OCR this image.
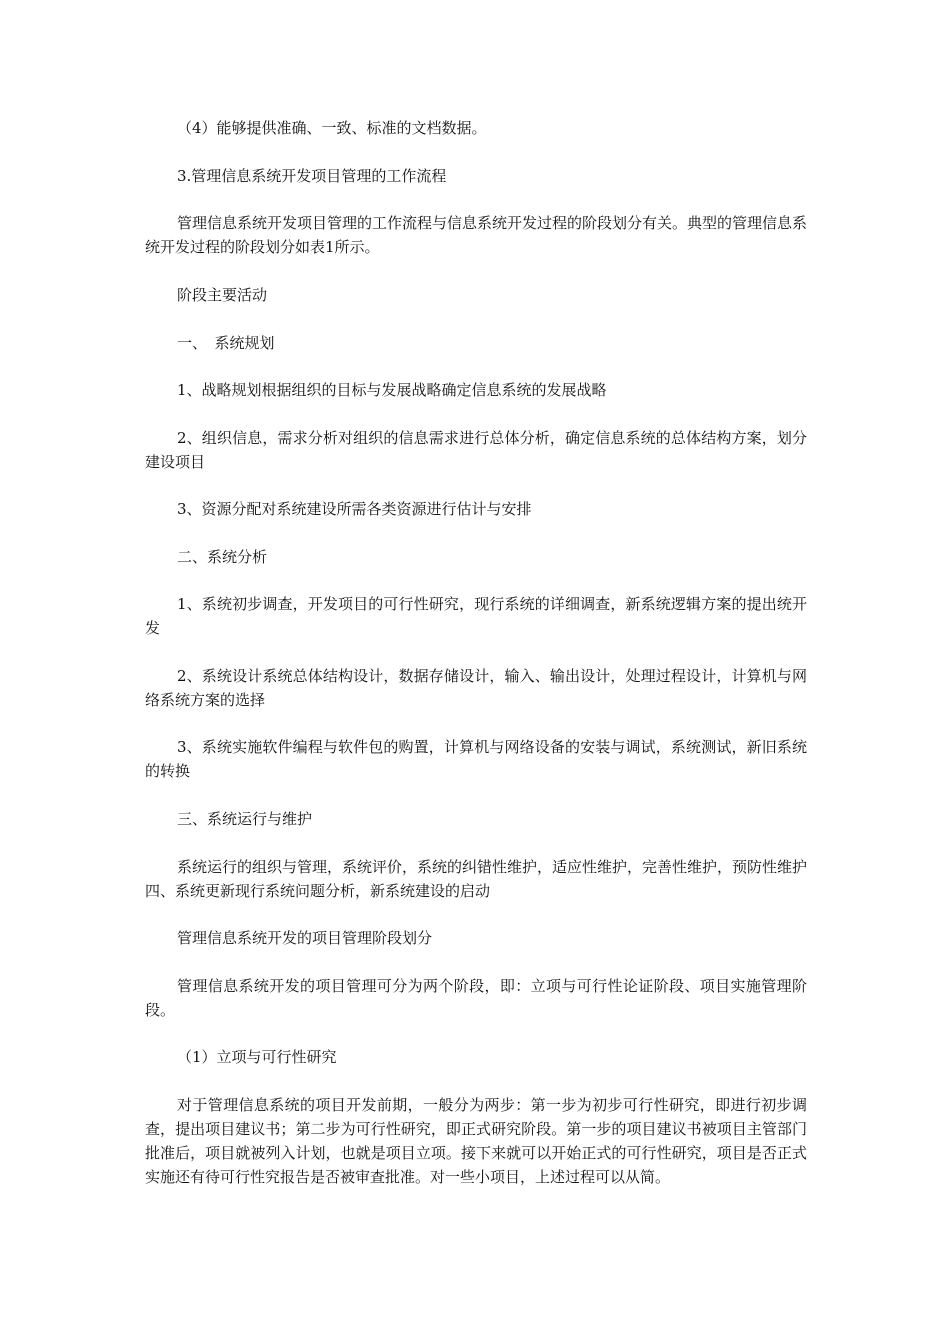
（4）能够提供准确、一致、标准的文档数据。

3.管理信息系统开发项目管理的工作流程

管理信息系统开发项目管理的工作流程与信息系统开发过程的阶段划分有关。典型的管理信息系统开发过程的阶段划分如表1所示。

阶段主要活动

一、　系统规划

1、战略规划根据组织的目标与发展战略确定信息系统的发展战略

2、组织信息，需求分析对组织的信息需求进行总体分析，确定信息系统的总体结构方案，划分建设项目

3、资源分配对系统建设所需各类资源进行估计与安排

二、系统分析

1、系统初步调查，开发项目的可行性研究，现行系统的详细调查，新系统逻辑方案的提出统开发

2、系统设计系统总体结构设计，数据存储设计，输入、输出设计，处理过程设计，计算机与网络系统方案的选择

3、系统实施软件编程与软件包的购置，计算机与网络设备的安装与调试，系统测试，新旧系统的转换

三、系统运行与维护

系统运行的组织与管理，系统评价，系统的纠错性维护，适应性维护，完善性维护，预防性维护四、系统更新现行系统问题分析，新系统建设的启动

管理信息系统开发的项目管理阶段划分

管理信息系统开发的项目管理可分为两个阶段，即：立项与可行性论证阶段、项目实施管理阶段。

（1）立项与可行性研究

对于管理信息系统的项目开发前期，一般分为两步：第一步为初步可行性研究，即进行初步调查，提出项目建议书；第二步为可行性研究，即正式研究阶段。第一步的项目建议书被项目主管部门批准后，项目就被列入计划，也就是项目立项。接下来就可以开始正式的可行性研究，项目是否正式实施还有待可行性究报告是否被审查批准。对一些小项目，上述过程可以从简。
